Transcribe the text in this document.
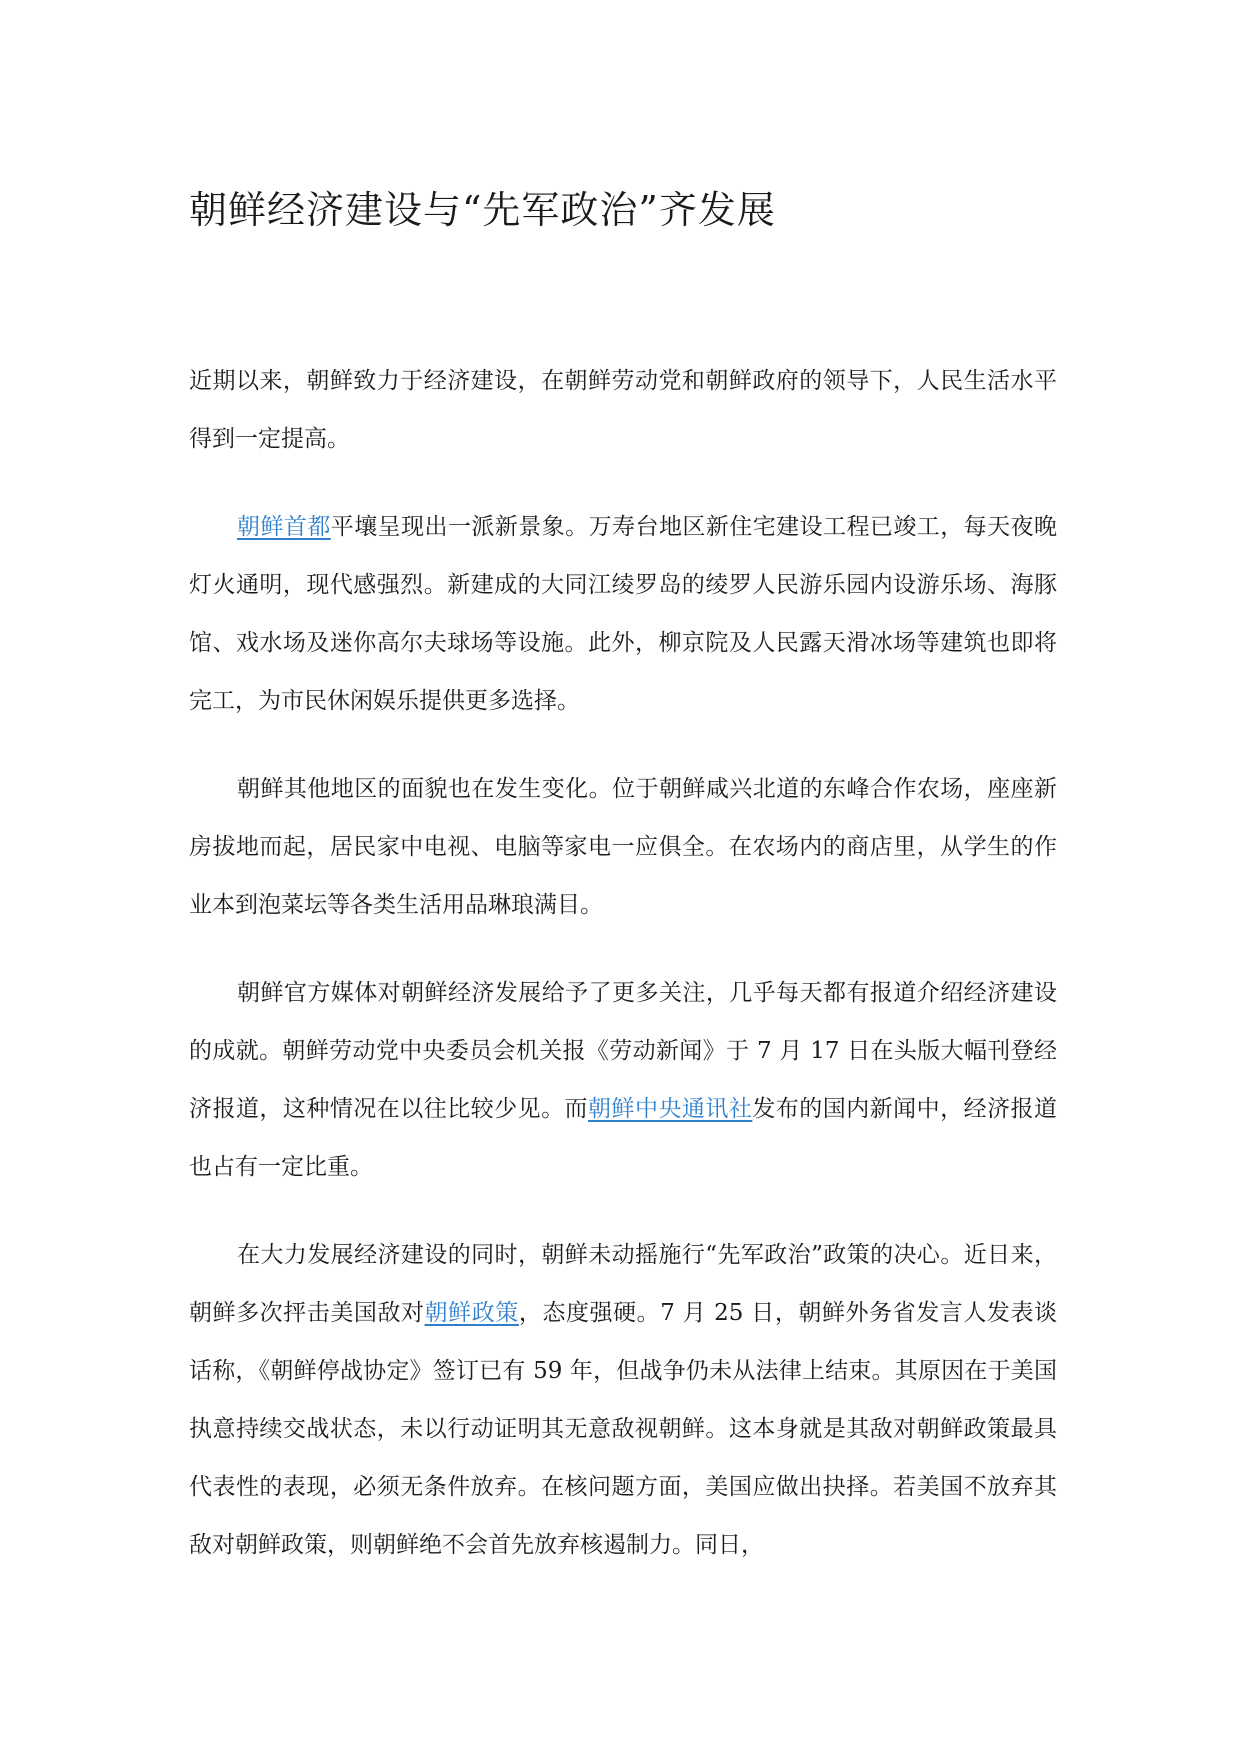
朝鲜经济建设与“先军政治”齐发展

近期以来，朝鲜致力于经济建设，在朝鲜劳动党和朝鲜政府的领导下，人民生活水平得到一定提高。

朝鲜首都平壤呈现出一派新景象。万寿台地区新住宅建设工程已竣工，每天夜晚灯火通明，现代感强烈。新建成的大同江绫罗岛的绫罗人民游乐园内设游乐场、海豚馆、戏水场及迷你高尔夫球场等设施。此外，柳京院及人民露天滑冰场等建筑也即将完工，为市民休闲娱乐提供更多选择。

朝鲜其他地区的面貌也在发生变化。位于朝鲜咸兴北道的东峰合作农场，座座新房拔地而起，居民家中电视、电脑等家电一应俱全。在农场内的商店里，从学生的作业本到泡菜坛等各类生活用品琳琅满目。

朝鲜官方媒体对朝鲜经济发展给予了更多关注，几乎每天都有报道介绍经济建设的成就。朝鲜劳动党中央委员会机关报《劳动新闻》于 7 月 17 日在头版大幅刊登经济报道，这种情况在以往比较少见。而朝鲜中央通讯社发布的国内新闻中，经济报道也占有一定比重。

在大力发展经济建设的同时，朝鲜未动摇施行“先军政治”政策的决心。近日来，朝鲜多次抨击美国敌对朝鲜政策，态度强硬。7 月 25 日，朝鲜外务省发言人发表谈话称，《朝鲜停战协定》签订已有 59 年，但战争仍未从法律上结束。其原因在于美国执意持续交战状态，未以行动证明其无意敌视朝鲜。这本身就是其敌对朝鲜政策最具代表性的表现，必须无条件放弃。在核问题方面，美国应做出抉择。若美国不放弃其敌对朝鲜政策，则朝鲜绝不会首先放弃核遏制力。同日，
